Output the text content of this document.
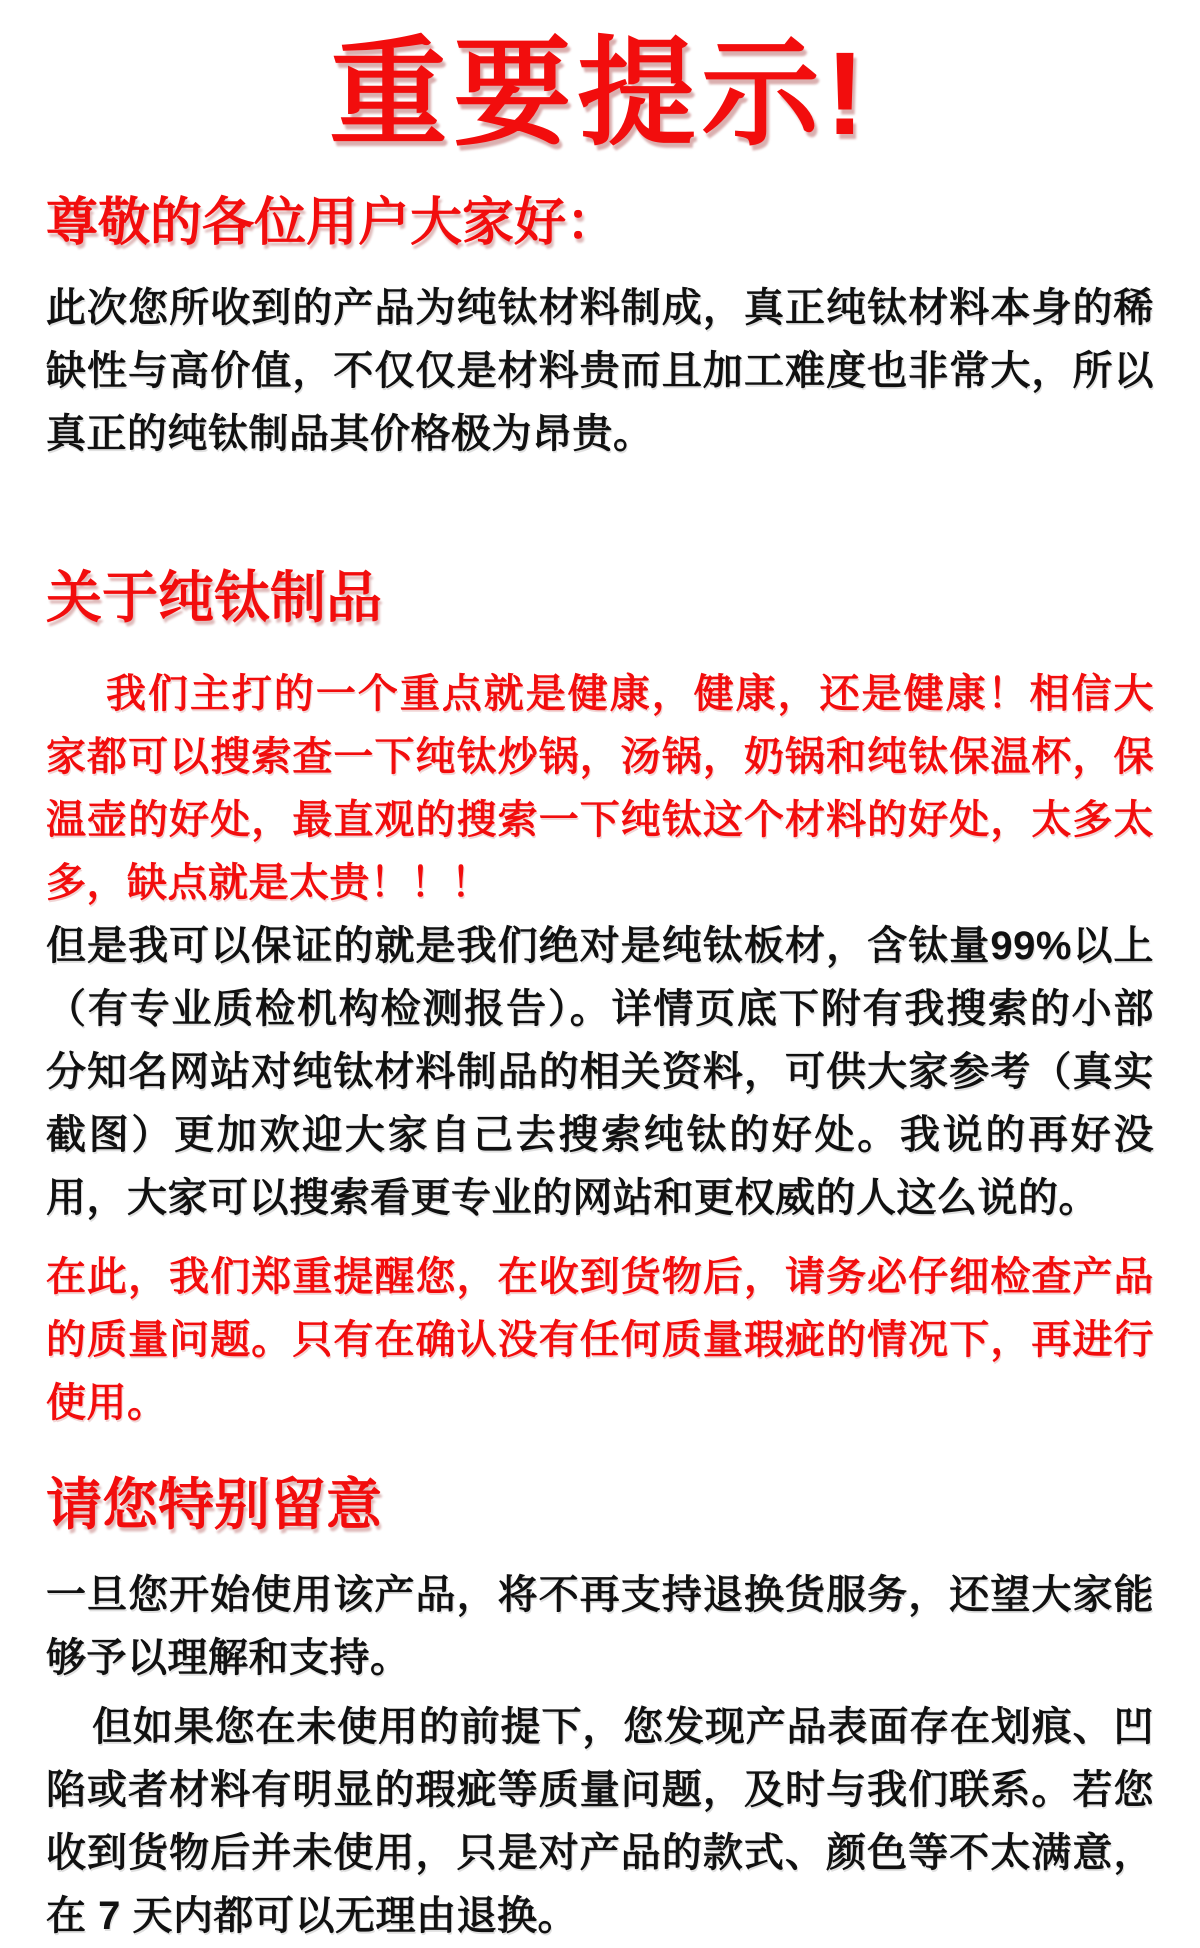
重要提示!
尊敬的各位用户大家好：

此次您所收到的产品为纯钛材料制成，真正纯钛材料本身的稀缺性与高价值，不仅仅是材料贵而且加工难度也非常大，所以真正的纯钛制品其价格极为昂贵。

关于纯钛制品

我们主打的一个重点就是健康，健康，还是健康！相信大家都可以搜索查一下纯钛炒锅，汤锅，奶锅和纯钛保温杯，保温壶的好处，最直观的搜索一下纯钛这个材料的好处，太多太多，缺点就是太贵！！！

但是我可以保证的就是我们绝对是纯钛板材，含钛量99%以上（有专业质检机构检测报告）。详情页底下附有我搜索的小部分知名网站对纯钛材料制品的相关资料，可供大家参考（真实截图）更加欢迎大家自己去搜索纯钛的好处。我说的再好没用，大家可以搜索看更专业的网站和更权威的人这么说的。

在此，我们郑重提醒您，在收到货物后，请务必仔细检查产品的质量问题。只有在确认没有任何质量瑕疵的情况下，再进行使用。

请您特别留意

一旦您开始使用该产品，将不再支持退换货服务，还望大家能够予以理解和支持。

但如果您在未使用的前提下，您发现产品表面存在划痕、凹陷或者材料有明显的瑕疵等质量问题，及时与我们联系。若您收到货物后并未使用，只是对产品的款式、颜色等不太满意，在 7 天内都可以无理由退换。
